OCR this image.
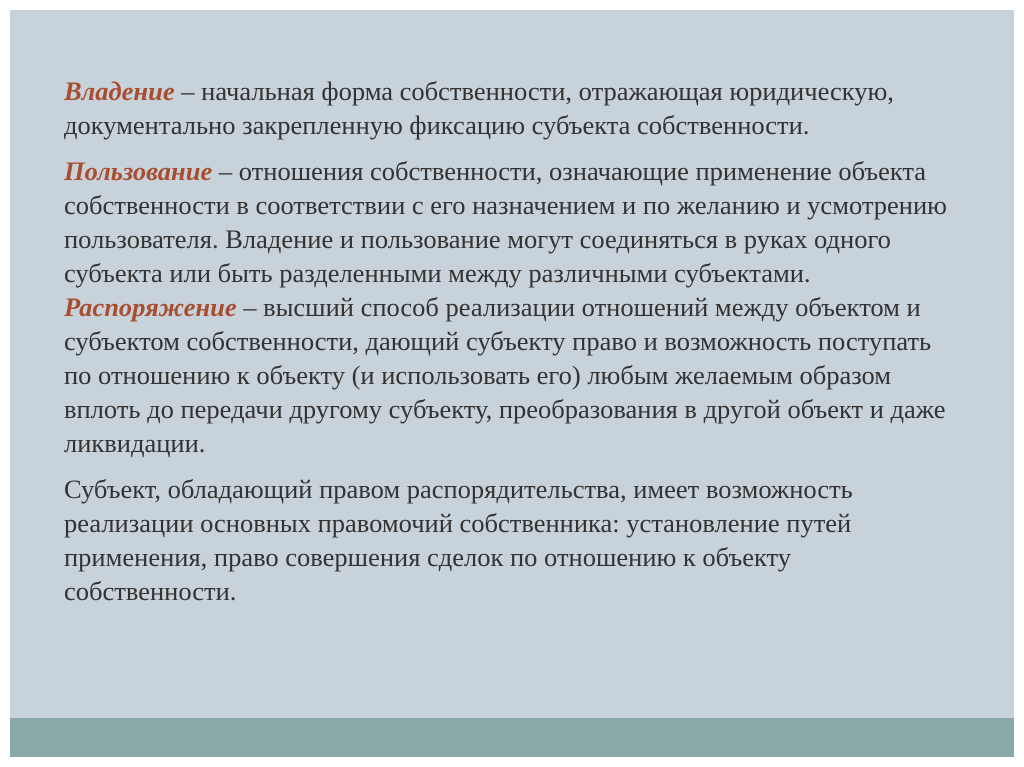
Владение – начальная форма собственности, отражающая юридическую, документально закрепленную фиксацию субъекта собственности.

Пользование – отношения собственности, означающие применение объекта собственности в соответствии с его назначением и по желанию и усмотрению пользователя. Владение и пользование могут соединяться в руках одного субъекта или быть разделенными между различными субъектами.

Распоряжение – высший способ реализации отношений между объектом и субъектом собственности, дающий субъекту право и возможность поступать по отношению к объекту (и использовать его) любым желаемым образом вплоть до передачи другому субъекту, преобразования в другой объект и даже ликвидации.

Субъект, обладающий правом распорядительства, имеет возможность реализации основных правомочий собственника: установление путей применения, право совершения сделок по отношению к объекту собственности.
